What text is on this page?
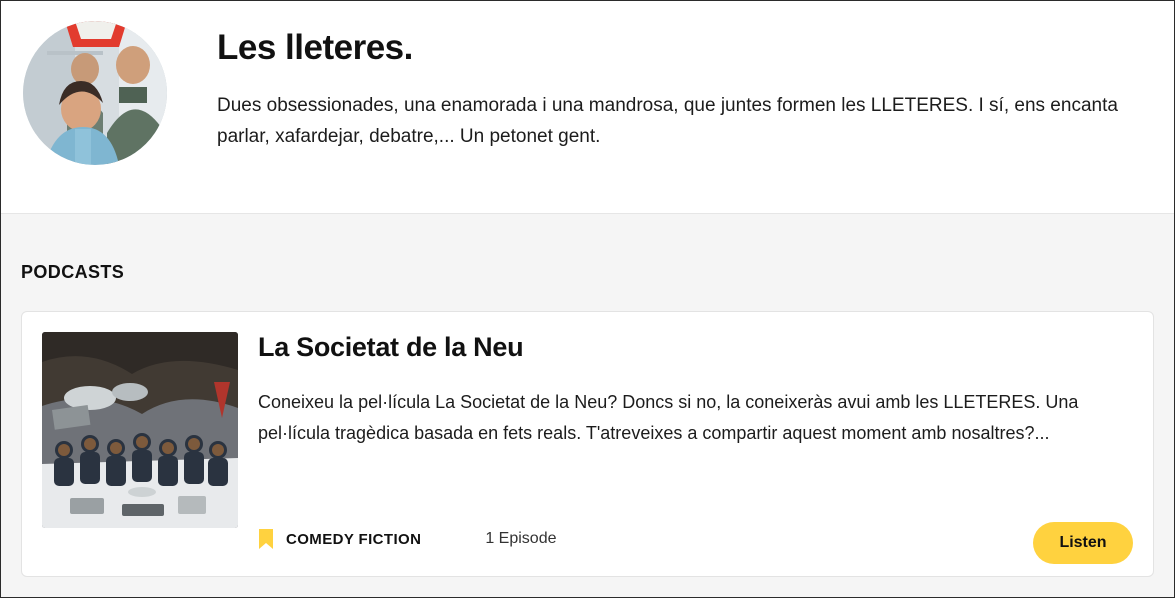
Les lleteres.

Dues obsessionades, una enamorada i una mandrosa, que juntes formen les LLETERES. I sí, ens encanta parlar, xafardejar, debatre,... Un petonet gent.

PODCASTS
La Societat de la Neu

Coneixeu la pel·lícula La Societat de la Neu? Doncs si no, la coneixeràs avui amb les LLETERES. Una pel·lícula tragèdica basada en fets reals. T'atreveixes a compartir aquest moment amb nosaltres?...

COMEDY FICTION	1 Episode	Listen
